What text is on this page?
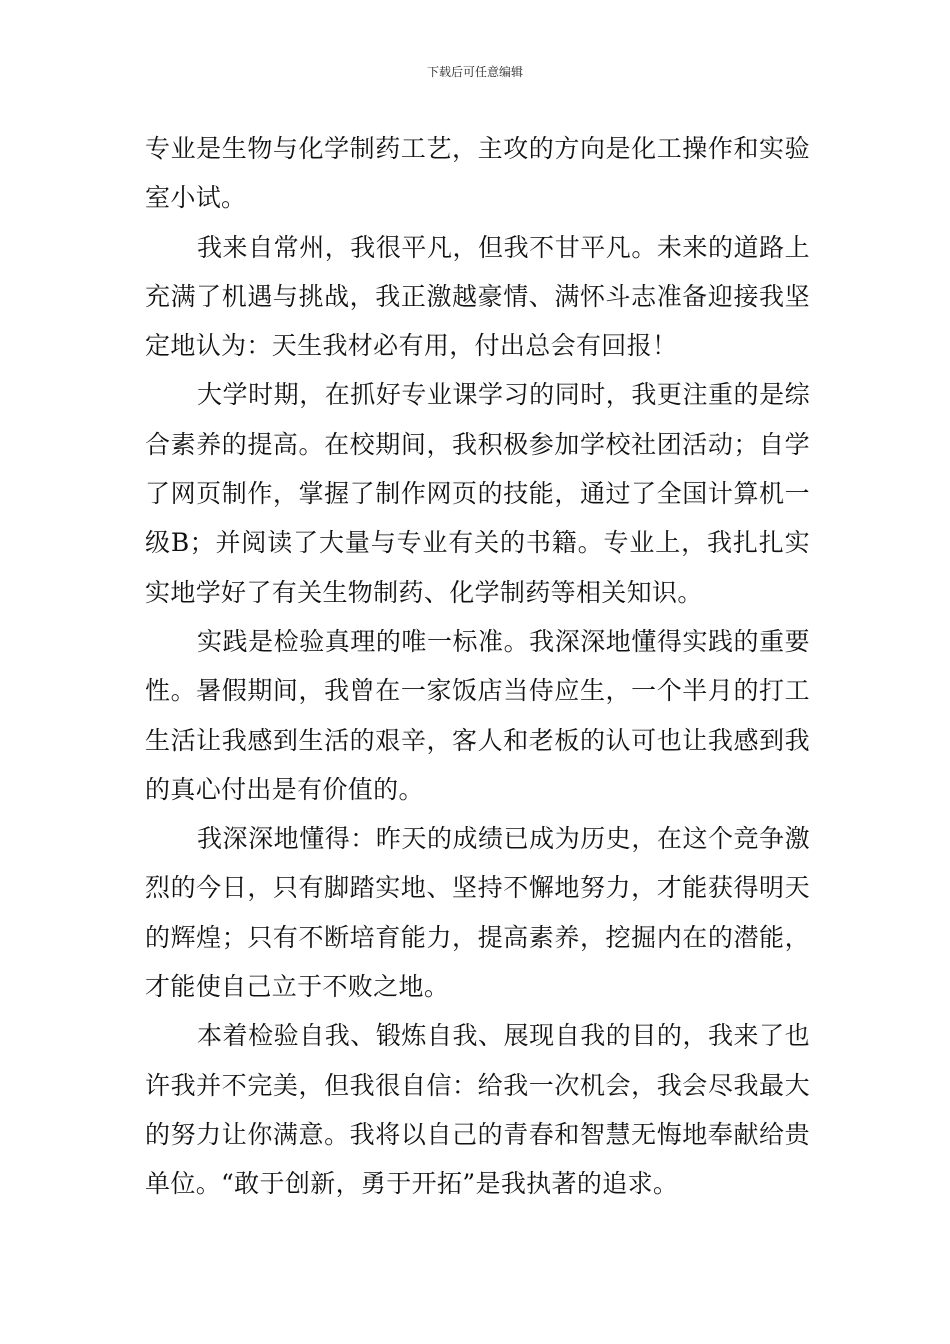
下载后可任意编辑

专业是生物与化学制药工艺，主攻的方向是化工操作和实验室小试。

我来自常州，我很平凡，但我不甘平凡。未来的道路上充满了机遇与挑战，我正激越豪情、满怀斗志准备迎接我坚定地认为：天生我材必有用，付出总会有回报！

大学时期，在抓好专业课学习的同时，我更注重的是综合素养的提高。在校期间，我积极参加学校社团活动；自学了网页制作，掌握了制作网页的技能，通过了全国计算机一级B；并阅读了大量与专业有关的书籍。专业上，我扎扎实实地学好了有关生物制药、化学制药等相关知识。

实践是检验真理的唯一标准。我深深地懂得实践的重要性。暑假期间，我曾在一家饭店当侍应生，一个半月的打工生活让我感到生活的艰辛，客人和老板的认可也让我感到我的真心付出是有价值的。

我深深地懂得：昨天的成绩已成为历史，在这个竞争激烈的今日，只有脚踏实地、坚持不懈地努力，才能获得明天的辉煌；只有不断培育能力，提高素养，挖掘内在的潜能，才能使自己立于不败之地。

本着检验自我、锻炼自我、展现自我的目的，我来了也许我并不完美，但我很自信：给我一次机会，我会尽我最大的努力让你满意。我将以自己的青春和智慧无悔地奉献给贵单位。“敢于创新，勇于开拓”是我执著的追求。
